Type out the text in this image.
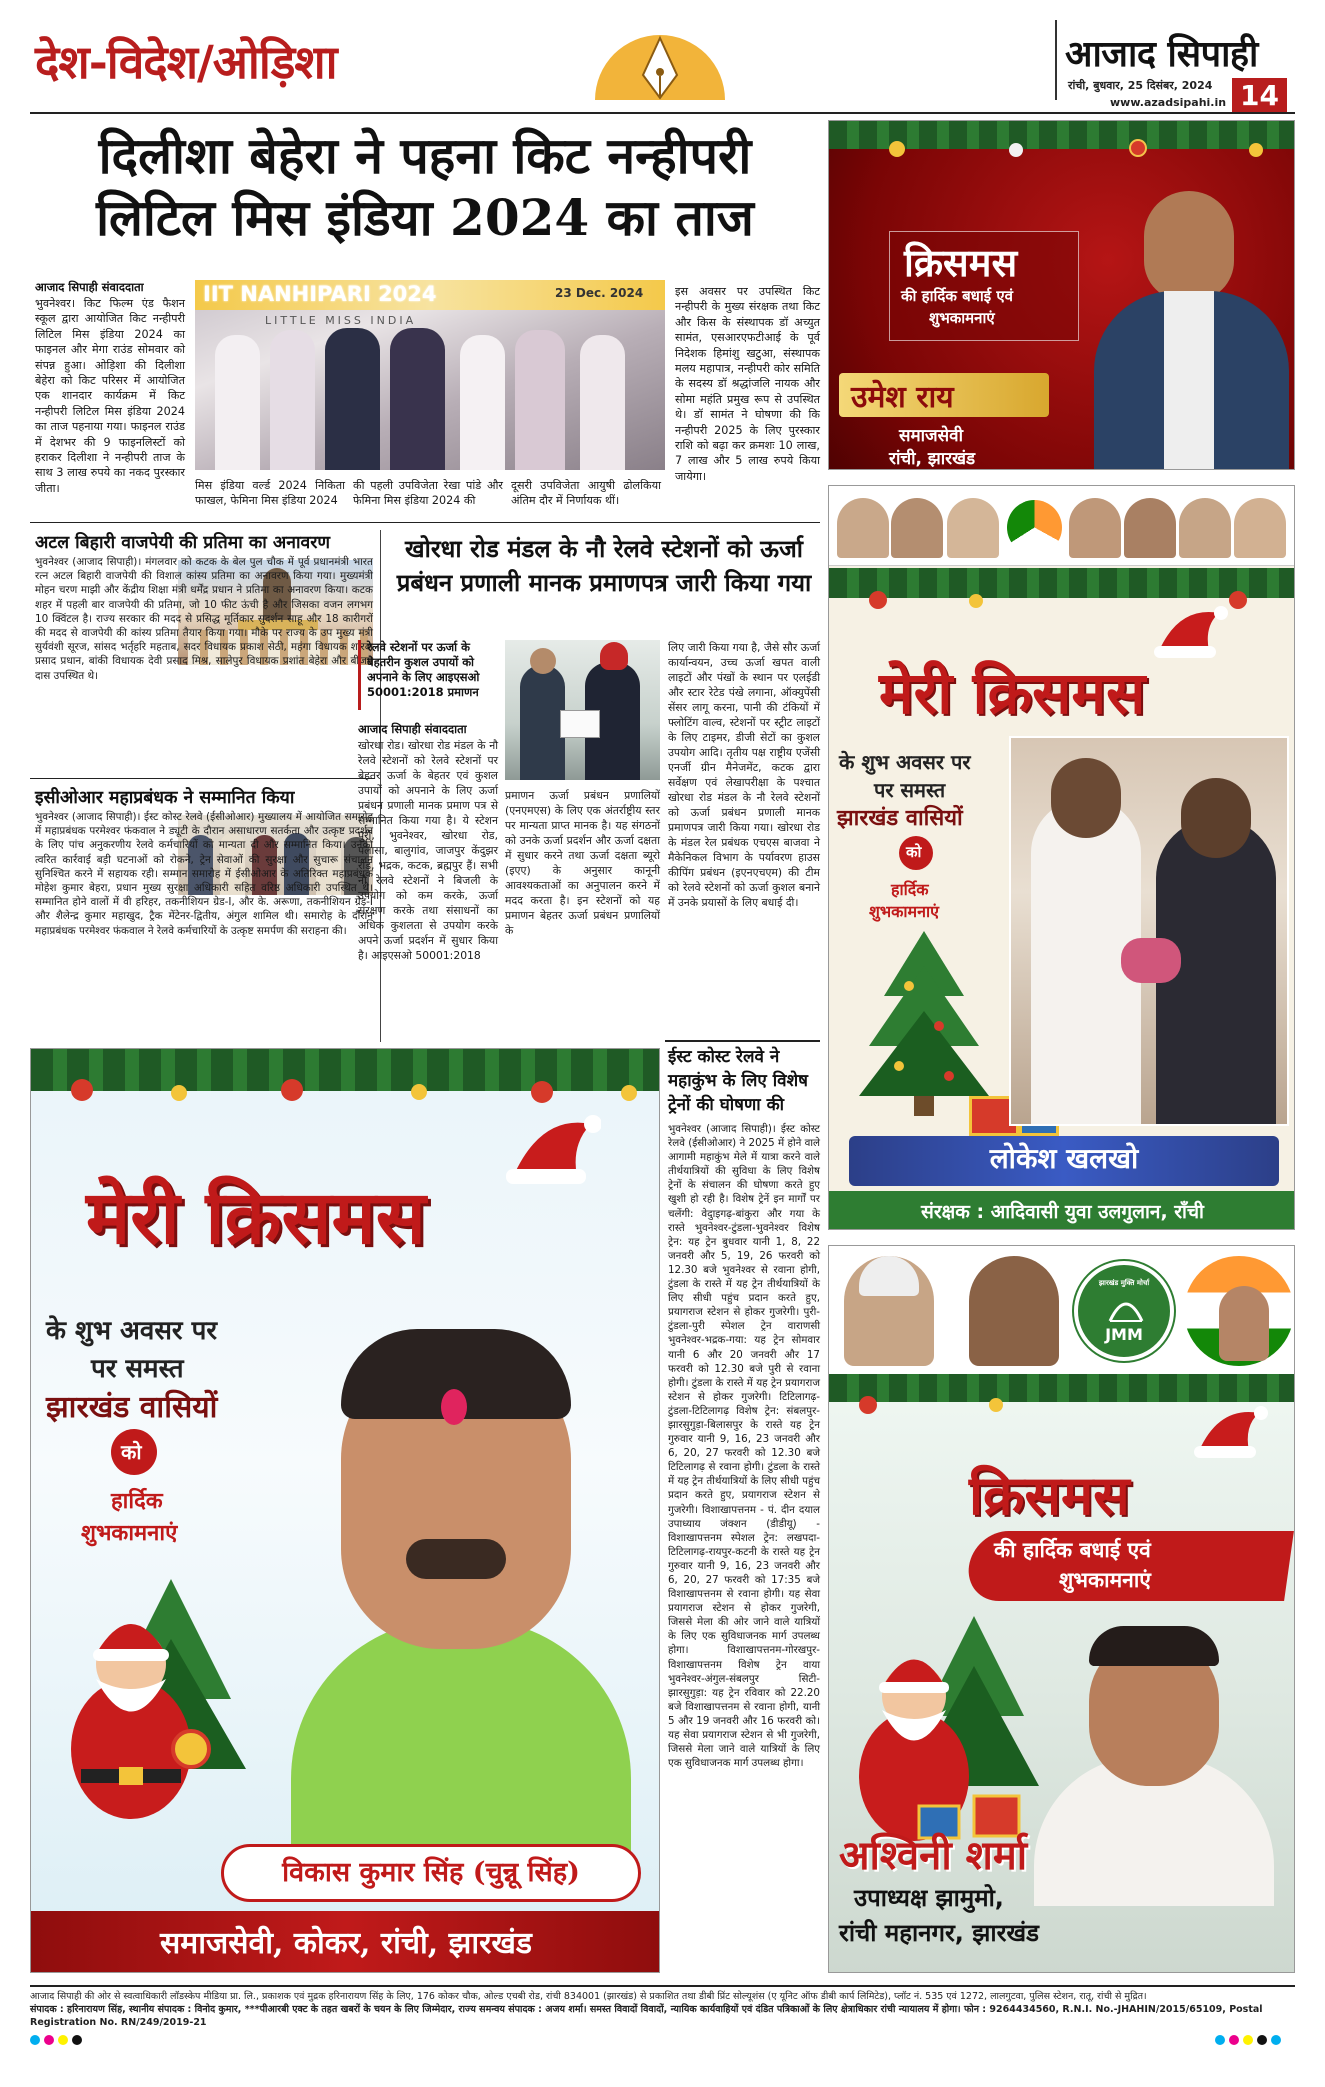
देश-विदेश/ओड़िशा	आजाद सिपाही
रांची, बुधवार, 25 दिसंबर, 2024
www.azadsipahi.in 14
दिलीशा बेहेरा ने पहना किट नन्हीपरी
लिटिल मिस इंडिया 2024 का ताज
आजाद सिपाही संवाददाता

भुवनेश्वर। किट फिल्म एंड फैशन स्कूल द्वारा आयोजित किट नन्हीपरी लिटिल मिस इंडिया 2024 का फाइनल और मेगा राउंड सोमवार को संपन्न हुआ। ओड़िशा की दिलीशा बेहेरा को किट परिसर में आयोजित एक शानदार कार्यक्रम में किट नन्हीपरी लिटिल मिस इंडिया 2024 का ताज पहनाया गया। फाइनल राउंड में देशभर की 9 फाइनलिस्टों को हराकर दिलीशा ने नन्हीपरी ताज के साथ 3 लाख रुपये का नकद पुरस्कार जीता।

IIT NANHIPARI 2024
LITTLE MISS INDIA
23 Dec. 2024

मिस इंडिया वर्ल्ड 2024 निकिता फाखल, फेमिना मिस इंडिया 2024

की पहली उपविजेता रेखा पांडे और फेमिना मिस इंडिया 2024 की

दूसरी उपविजेता आयुषी ढोलकिया अंतिम दौर में निर्णायक थीं।

इस अवसर पर उपस्थित किट नन्हीपरी के मुख्य संरक्षक तथा किट और किस के संस्थापक डॉ अच्युत सामंत, एसआरएफटीआई के पूर्व निदेशक हिमांशु खटुआ, संस्थापक मलय महापात्र, नन्हीपरी कोर समिति के सदस्य डॉ श्रद्धांजलि नायक और सोमा महंति प्रमुख रूप से उपस्थित थे। डॉ सामंत ने घोषणा की कि नन्हीपरी 2025 के लिए पुरस्कार राशि को बढ़ा कर क्रमशः 10 लाख, 7 लाख और 5 लाख रुपये किया जायेगा।

अटल बिहारी वाजपेयी की प्रतिमा का अनावरण

भुवनेश्वर (आजाद सिपाही)। मंगलवार को कटक के बेल पुल चौक में पूर्व प्रधानमंत्री भारत रत्न अटल बिहारी वाजपेयी की विशाल कांस्य प्रतिमा का अनावरण किया गया। मुख्यमंत्री मोहन चरण माझी और केंद्रीय शिक्षा मंत्री धर्मेंद्र प्रधान ने प्रतिमा का अनावरण किया। कटक शहर में पहली बार वाजपेयी की प्रतिमा, जो 10 फीट ऊंची है और जिसका वजन लगभग 10 क्विंटल है। राज्य सरकार की मदद से प्रसिद्ध मूर्तिकार सुदर्शन साहू और 18 कारीगरों की मदद से वाजपेयी की कांस्य प्रतिमा तैयार किया गया। मौके पर राज्य के उप मुख्य मंत्री सुर्यवंशी सूरज, सांसद भर्तृहरि महताब, सदर विधायक प्रकाश सेठी, महंगा विधायक शारदा प्रसाद प्रधान, बांकी विधायक देवी प्रसाद मिश्र, सालेपुर विधायक प्रशांत बेहेरा और बीजम दास उपस्थित थे।

इसीओआर महाप्रबंधक ने सम्मानित किया

भुवनेश्वर (आजाद सिपाही)। ईस्ट कोस्ट रेलवे (ईसीओआर) मुख्यालय में आयोजित समारोह में महाप्रबंधक परमेश्वर फंकवाल ने ड्यूटी के दौरान असाधारण सतर्कता और उत्कृष्ट प्रदर्शन के लिए पांच अनुकरणीय रेलवे कर्मचारियों को मान्यता दी और सम्मानित किया। उनकी त्वरित कार्रवाई बड़ी घटनाओं को रोकने, ट्रेन सेवाओं की सुरक्षा और सुचारू संचालन सुनिश्चित करने में सहायक रही। सम्मान समारोह में ईसीओआर के अतिरिक्त महाप्रबंधक मोहेश कुमार बेहरा, प्रधान मुख्य सुरक्षा अधिकारी सहित वरिष्ठ अधिकारी उपस्थित थे। सम्मानित होने वालों में वी हरिहर, तकनीशियन ग्रेड-I, और के. अरूणा, तकनीशियन ग्रेड-I और शैलेन्द्र कुमार महाखुद, ट्रैक मेंटेनर-द्वितीय, अंगुल शामिल थी। समारोह के दौरान महाप्रबंधक परमेश्वर फंकवाल ने रेलवे कर्मचारियों के उत्कृष्ट समर्पण की सराहना की।

खोरधा रोड मंडल के नौ रेलवे स्टेशनों को ऊर्जा
प्रबंधन प्रणाली मानक प्रमाणपत्र जारी किया गया
रेलवे स्टेशनों पर ऊर्जा के बेहतरीन कुशल उपायों को अपनाने के लिए आइएसओ 50001:2018 प्रमाणन
आजाद सिपाही संवाददाता

खोरधा रोड। खोरधा रोड मंडल के नौ रेलवे स्टेशनों को रेलवे स्टेशनों पर बेहतर ऊर्जा के बेहतर एवं कुशल उपायों को अपनाने के लिए ऊर्जा प्रबंधन प्रणाली मानक प्रमाण पत्र से सम्मानित किया गया है। ये स्टेशन पुरी, भुवनेश्वर, खोरधा रोड, पलासा, बालुगांव, जाजपुर केंदुझर रोड, भद्रक, कटक, ब्रह्मपुर हैं। सभी नौ रेलवे स्टेशनों ने बिजली के उपयोग को कम करके, ऊर्जा संरक्षण करके तथा संसाधनों का अधिक कुशलता से उपयोग करके अपने ऊर्जा प्रदर्शन में सुधार किया है। आइएसओ 50001:2018

प्रमाणन ऊर्जा प्रबंधन प्रणालियों (एनएमएस) के लिए एक अंतर्राष्ट्रीय स्तर पर मान्यता प्राप्त मानक है। यह संगठनों को उनके ऊर्जा प्रदर्शन और ऊर्जा दक्षता में सुधार करने तथा ऊर्जा दक्षता ब्यूरो (इएए) के अनुसार कानूनी आवश्यकताओं का अनुपालन करने में मदद करता है। इन स्टेशनों को यह प्रमाणन बेहतर ऊर्जा प्रबंधन प्रणालियों के

लिए जारी किया गया है, जैसे सौर ऊर्जा कार्यान्वयन, उच्च ऊर्जा खपत वाली लाइटों और पंखों के स्थान पर एलईडी और स्टार रेटेड पंखे लगाना, ऑक्युपेंसी सेंसर लागू करना, पानी की टंकियों में फ्लोटिंग वाल्व, स्टेशनों पर स्ट्रीट लाइटों के लिए टाइमर, डीजी सेटों का कुशल उपयोग आदि। तृतीय पक्ष राष्ट्रीय एजेंसी एनर्जी ग्रीन मैनेजमेंट, कटक द्वारा सर्वेक्षण एवं लेखापरीक्षा के पश्चात खोरधा रोड मंडल के नौ रेलवे स्टेशनों को ऊर्जा प्रबंधन प्रणाली मानक प्रमाणपत्र जारी किया गया। खोरधा रोड के मंडल रेल प्रबंधक एचएस बाजवा ने मैकेनिकल विभाग के पर्यावरण हाउस कीपिंग प्रबंधन (इएनएचएम) की टीम को रेलवे स्टेशनों को ऊर्जा कुशल बनाने में उनके प्रयासों के लिए बधाई दी।

ईस्ट कोस्ट रेलवे ने महाकुंभ के लिए विशेष ट्रेनों की घोषणा की

भुवनेश्वर (आजाद सिपाही)। ईस्ट कोस्ट रेलवे (ईसीओआर) ने 2025 में होने वाले आगामी महाकुंभ मेले में यात्रा करने वाले तीर्थयात्रियों की सुविधा के लिए विशेष ट्रेनों के संचालन की घोषणा करते हुए खुशी हो रही है। विशेष ट्रेनें इन मार्गों पर चलेंगी: वेदुाइगढ़-बांकुरा और गया के रास्ते भुवनेश्वर-टुंडला-भुवनेश्वर विशेष ट्रेन: यह ट्रेन बुधवार यानी 1, 8, 22 जनवरी और 5, 19, 26 फरवरी को 12.30 बजे भुवनेश्वर से रवाना होगी, टुंडला के रास्ते में यह ट्रेन तीर्थयात्रियों के लिए सीधी पहुंच प्रदान करते हुए, प्रयागराज स्टेशन से होकर गुजरेगी। पुरी-टुंडला-पुरी स्पेशल ट्रेन वाराणसी भुवनेश्वर-भद्रक-गया: यह ट्रेन सोमवार यानी 6 और 20 जनवरी और 17 फरवरी को 12.30 बजे पुरी से रवाना होगी। टुंडला के रास्ते में यह ट्रेन प्रयागराज स्टेशन से होकर गुजरेगी। टिटिलागढ़-टुंडला-टिटिलागढ़ विशेष ट्रेन: संबलपुर-झारसुगुड़ा-बिलासपुर के रास्ते यह ट्रेन गुरुवार यानी 9, 16, 23 जनवरी और 6, 20, 27 फरवरी को 12.30 बजे टिटिलागढ़ से रवाना होगी। टुंडला के रास्ते में यह ट्रेन तीर्थयात्रियों के लिए सीधी पहुंच प्रदान करते हुए, प्रयागराज स्टेशन से गुजरेगी। विशाखापत्तनम - पं. दीन दयाल उपाध्याय जंक्शन (डीडीयू) - विशाखापत्तनम स्पेशल ट्रेन: लखपदा-टिटिलागढ़-रायपुर-कटनी के रास्ते यह ट्रेन गुरुवार यानी 9, 16, 23 जनवरी और 6, 20, 27 फरवरी को 17:35 बजे विशाखापत्तनम से रवाना होगी। यह सेवा प्रयागराज स्टेशन से होकर गुजरेगी, जिससे मेला की ओर जाने वाले यात्रियों के लिए एक सुविधाजनक मार्ग उपलब्ध होगा। विशाखापत्तनम-गोरखपुर-विशाखापत्तनम विशेष ट्रेन वाया भुवनेश्वर-अंगुल-संबलपुर सिटी-झारसुगुड़ा: यह ट्रेन रविवार को 22.20 बजे विशाखापत्तनम से रवाना होगी, यानी 5 और 19 जनवरी और 16 फरवरी को। यह सेवा प्रयागराज स्टेशन से भी गुजरेगी, जिससे मेला जाने वाले यात्रियों के लिए एक सुविधाजनक मार्ग उपलब्ध होगा।

क्रिसमस
की हार्दिक बधाई एवं
शुभकामनाएं
उमेश राय
समाजसेवी
रांची, झारखंड
मेरी क्रिसमस
के शुभ अवसर पर
पर समस्त
झारखंड वासियों
को
हार्दिक
शुभकामनाएं
लोकेश खलखो
संरक्षक : आदिवासी युवा उलगुलान, रॉंची
मेरी क्रिसमस
के शुभ अवसर पर
पर समस्त
झारखंड वासियों
को
हार्दिक
शुभकामनाएं
विकास कुमार सिंह (चुन्नू सिंह)
समाजसेवी, कोकर, रांची, झारखंड
झारखंड मुक्ति मोर्चा
JMM
क्रिसमस
की हार्दिक बधाई एवं
शुभकामनाएं
अश्विनी शर्मा
उपाध्यक्ष झामुमो,
रांची महानगर, झारखंड
आजाद सिपाही की ओर से स्वत्वाधिकारी लॉडस्केप मीडिया प्रा. लि., प्रकाशक एवं मुद्रक हरिनारायण सिंह के लिए, 176 कोकर चौक, ओल्ड एचबी रोड, रांची 834001 (झारखंड) से प्रकाशित तथा डीबी प्रिंट सोल्यूशंस (ए यूनिट ऑफ डीबी कार्प लिमिटेड), प्लॉट नं. 535 एवं 1272, लालगुटवा, पुलिस स्टेशन, रातू, रांची से मुद्रित।
संपादक : हरिनारायण सिंह, स्थानीय संपादक : विनोद कुमार, ***पीआरबी एक्ट के तहत खबरों के चयन के लिए जिम्मेदार, राज्य समन्वय संपादक : अजय शर्मा। समस्त विवादों विवादों, न्यायिक कार्यवाहियों एवं दंडित पत्रिकाओं के लिए क्षेत्राधिकार रांची न्यायालय में होगा। फोन : 9264434560, R.N.I. No.-JHAHIN/2015/65109, Postal Registration No. RN/249/2019-21
